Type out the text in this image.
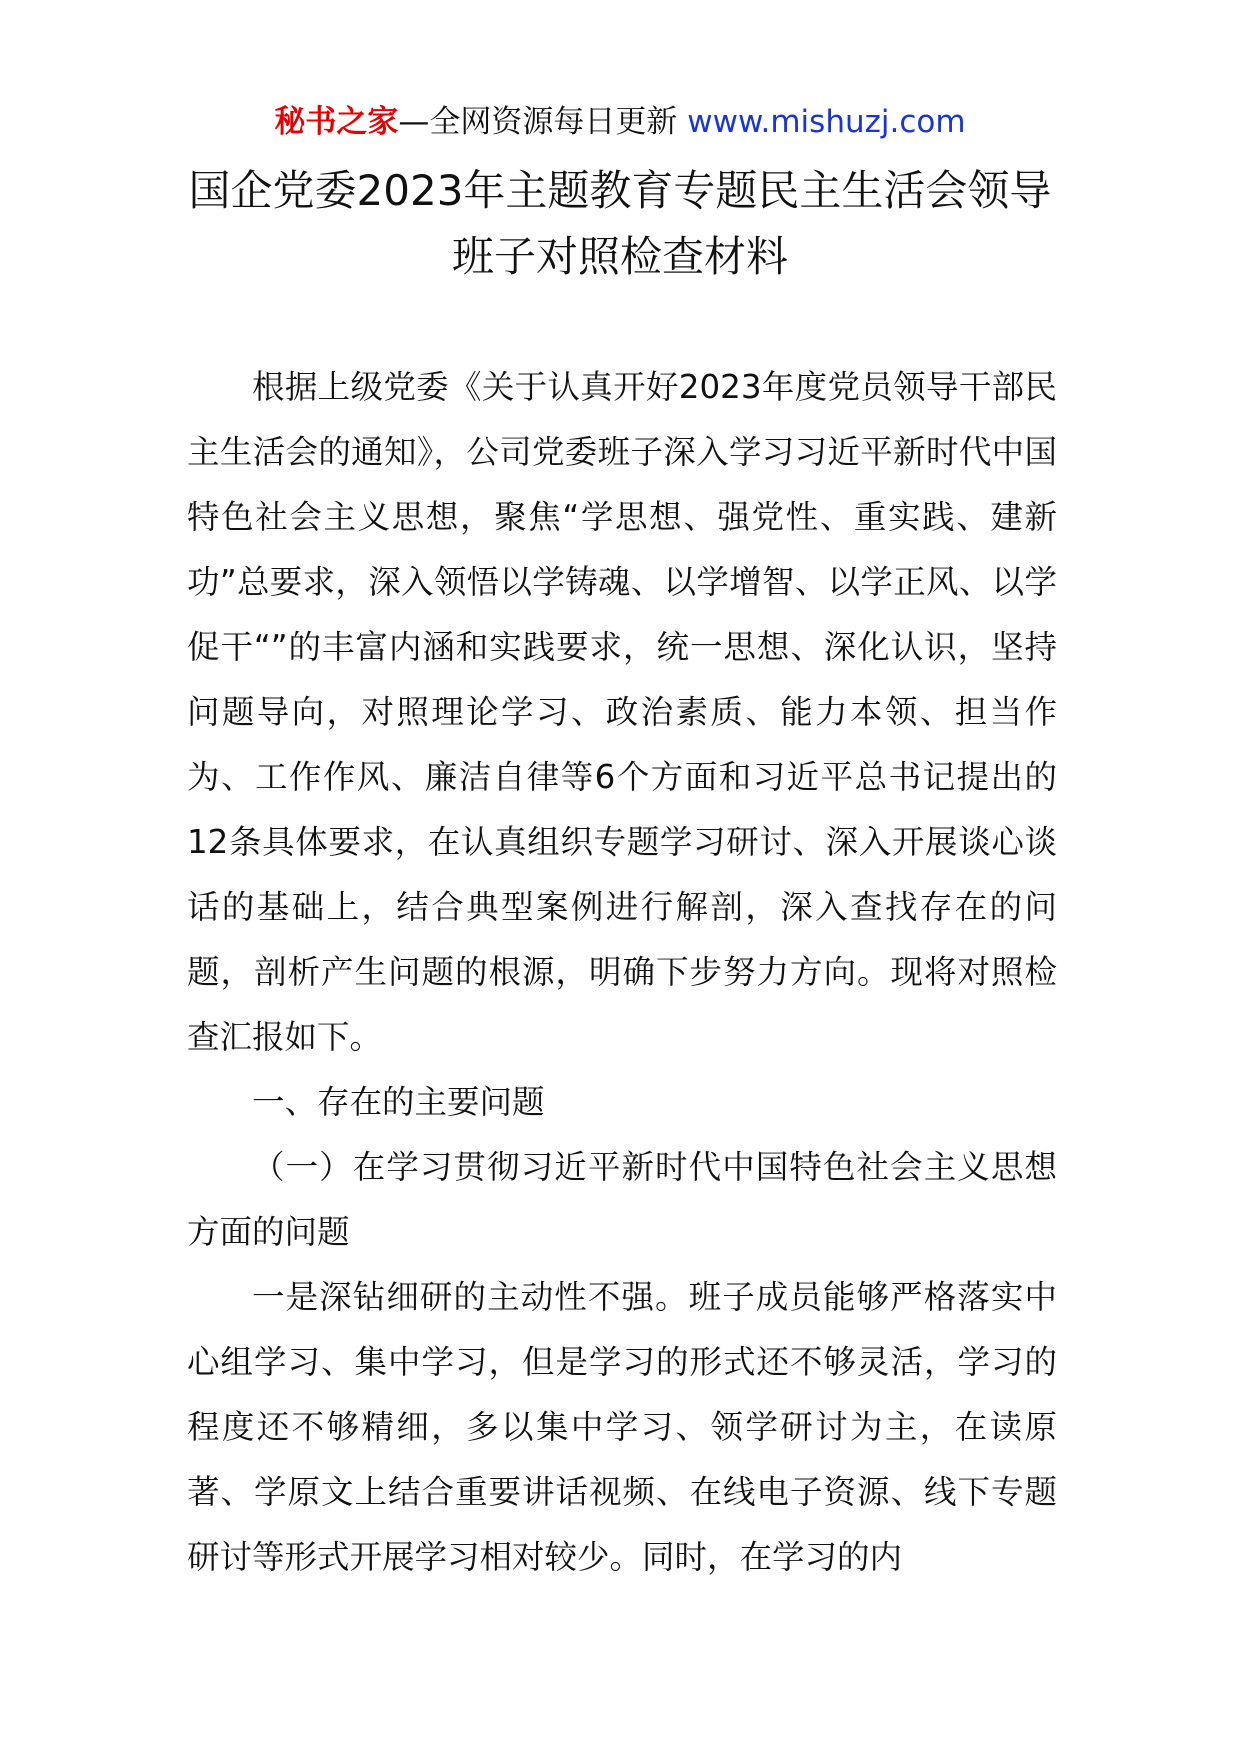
秘书之家—全网资源每日更新 www.mishuzj.com
国企党委2023年主题教育专题民主生活会领导
班子对照检查材料

根据上级党委《关于认真开好2023年度党员领导干部民主生活会的通知》，公司党委班子深入学习习近平新时代中国特色社会主义思想，聚焦“学思想、强党性、重实践、建新功”总要求，深入领悟以学铸魂、以学增智、以学正风、以学促干“”的丰富内涵和实践要求，统一思想、深化认识，坚持问题导向，对照理论学习、政治素质、能力本领、担当作为、工作作风、廉洁自律等6个方面和习近平总书记提出的12条具体要求，在认真组织专题学习研讨、深入开展谈心谈话的基础上，结合典型案例进行解剖，深入查找存在的问题，剖析产生问题的根源，明确下步努力方向。现将对照检查汇报如下。

一、存在的主要问题

（一）在学习贯彻习近平新时代中国特色社会主义思想方面的问题

一是深钻细研的主动性不强。班子成员能够严格落实中心组学习、集中学习，但是学习的形式还不够灵活，学习的程度还不够精细，多以集中学习、领学研讨为主，在读原著、学原文上结合重要讲话视频、在线电子资源、线下专题研讨等形式开展学习相对较少。同时，在学习的内
